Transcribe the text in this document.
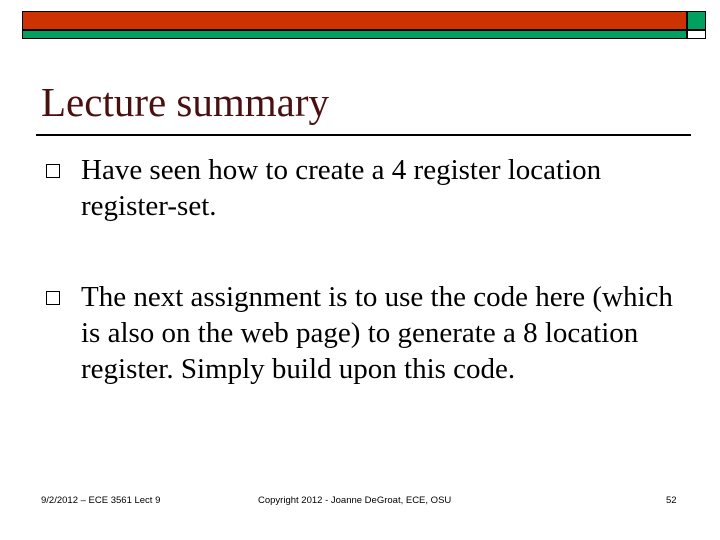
Lecture summary
Have seen how to create a 4 register location register-set.
The next assignment is to use the code here (which is also on the web page) to generate a 8 location register. Simply build upon this code.
9/2/2012 – ECE 3561 Lect 9	Copyright 2012 - Joanne DeGroat, ECE, OSU	52
